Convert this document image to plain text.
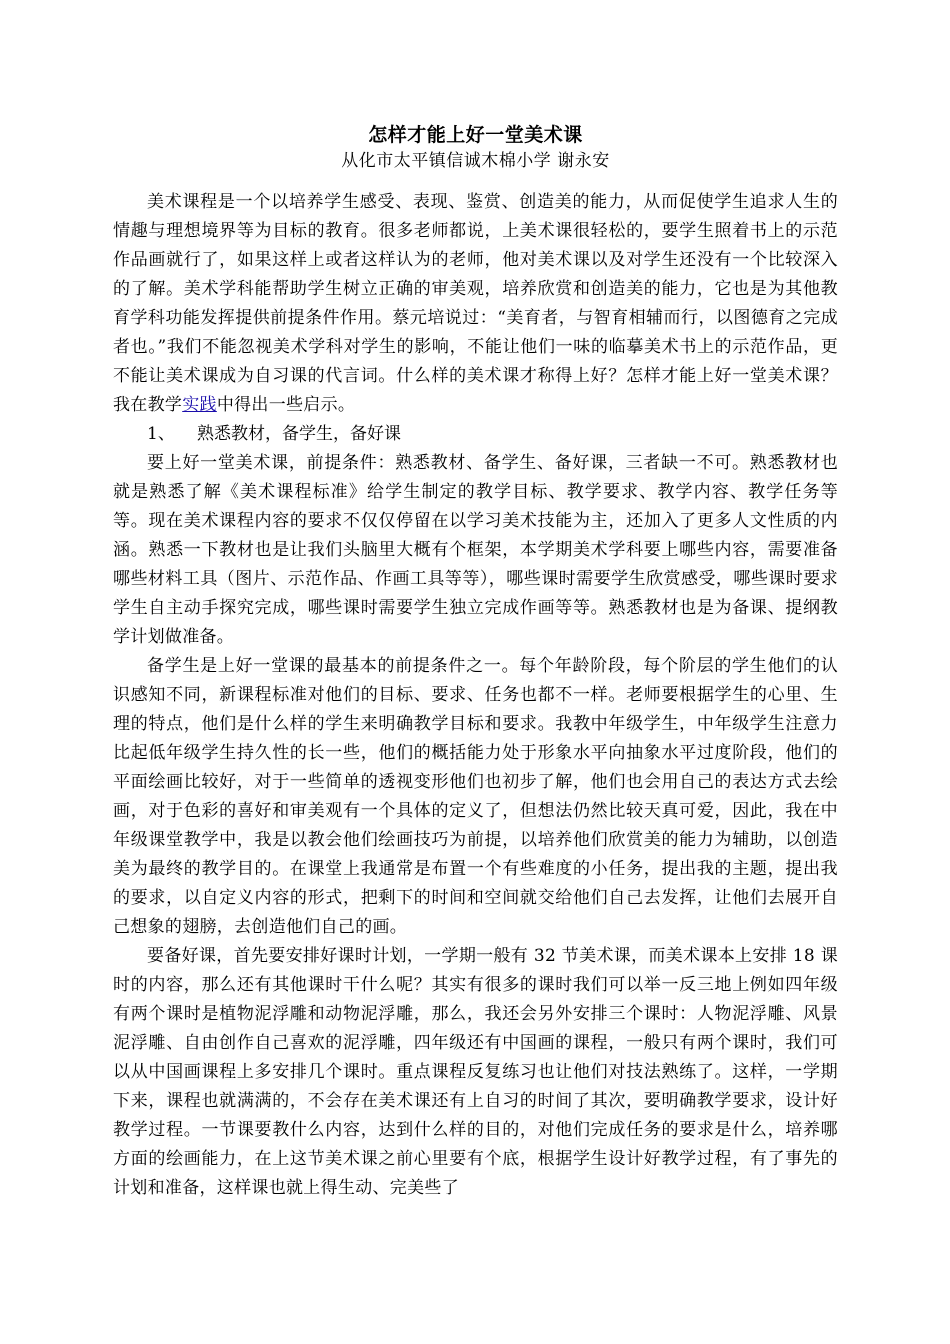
怎样才能上好一堂美术课

从化市太平镇信诚木棉小学 谢永安

美术课程是一个以培养学生感受、表现、鉴赏、创造美的能力，从而促使学生追求人生的情趣与理想境界等为目标的教育。很多老师都说，上美术课很轻松的，要学生照着书上的示范作品画就行了，如果这样上或者这样认为的老师，他对美术课以及对学生还没有一个比较深入的了解。美术学科能帮助学生树立正确的审美观，培养欣赏和创造美的能力，它也是为其他教育学科功能发挥提供前提条件作用。蔡元培说过：“美育者，与智育相辅而行，以图德育之完成者也。”我们不能忽视美术学科对学生的影响，不能让他们一味的临摹美术书上的示范作品，更不能让美术课成为自习课的代言词。什么样的美术课才称得上好？怎样才能上好一堂美术课？我在教学实践中得出一些启示。

1、 熟悉教材，备学生，备好课

要上好一堂美术课，前提条件：熟悉教材、备学生、备好课，三者缺一不可。熟悉教材也就是熟悉了解《美术课程标准》给学生制定的教学目标、教学要求、教学内容、教学任务等等。现在美术课程内容的要求不仅仅停留在以学习美术技能为主，还加入了更多人文性质的内涵。熟悉一下教材也是让我们头脑里大概有个框架，本学期美术学科要上哪些内容，需要准备哪些材料工具（图片、示范作品、作画工具等等），哪些课时需要学生欣赏感受，哪些课时要求学生自主动手探究完成，哪些课时需要学生独立完成作画等等。熟悉教材也是为备课、提纲教学计划做准备。

备学生是上好一堂课的最基本的前提条件之一。每个年龄阶段，每个阶层的学生他们的认识感知不同，新课程标准对他们的目标、要求、任务也都不一样。老师要根据学生的心里、生理的特点，他们是什么样的学生来明确教学目标和要求。我教中年级学生，中年级学生注意力比起低年级学生持久性的长一些，他们的概括能力处于形象水平向抽象水平过度阶段，他们的平面绘画比较好，对于一些简单的透视变形他们也初步了解，他们也会用自己的表达方式去绘画，对于色彩的喜好和审美观有一个具体的定义了，但想法仍然比较天真可爱，因此，我在中年级课堂教学中，我是以教会他们绘画技巧为前提，以培养他们欣赏美的能力为辅助，以创造美为最终的教学目的。在课堂上我通常是布置一个有些难度的小任务，提出我的主题，提出我的要求，以自定义内容的形式，把剩下的时间和空间就交给他们自己去发挥，让他们去展开自己想象的翅膀，去创造他们自己的画。

要备好课，首先要安排好课时计划，一学期一般有 32 节美术课，而美术课本上安排 18 课时的内容，那么还有其他课时干什么呢？其实有很多的课时我们可以举一反三地上例如四年级有两个课时是植物泥浮雕和动物泥浮雕，那么，我还会另外安排三个课时：人物泥浮雕、风景泥浮雕、自由创作自己喜欢的泥浮雕，四年级还有中国画的课程，一般只有两个课时，我们可以从中国画课程上多安排几个课时。重点课程反复练习也让他们对技法熟练了。这样，一学期下来，课程也就满满的，不会存在美术课还有上自习的时间了其次，要明确教学要求，设计好教学过程。一节课要教什么内容，达到什么样的目的，对他们完成任务的要求是什么，培养哪方面的绘画能力，在上这节美术课之前心里要有个底，根据学生设计好教学过程，有了事先的计划和准备，这样课也就上得生动、完美些了
